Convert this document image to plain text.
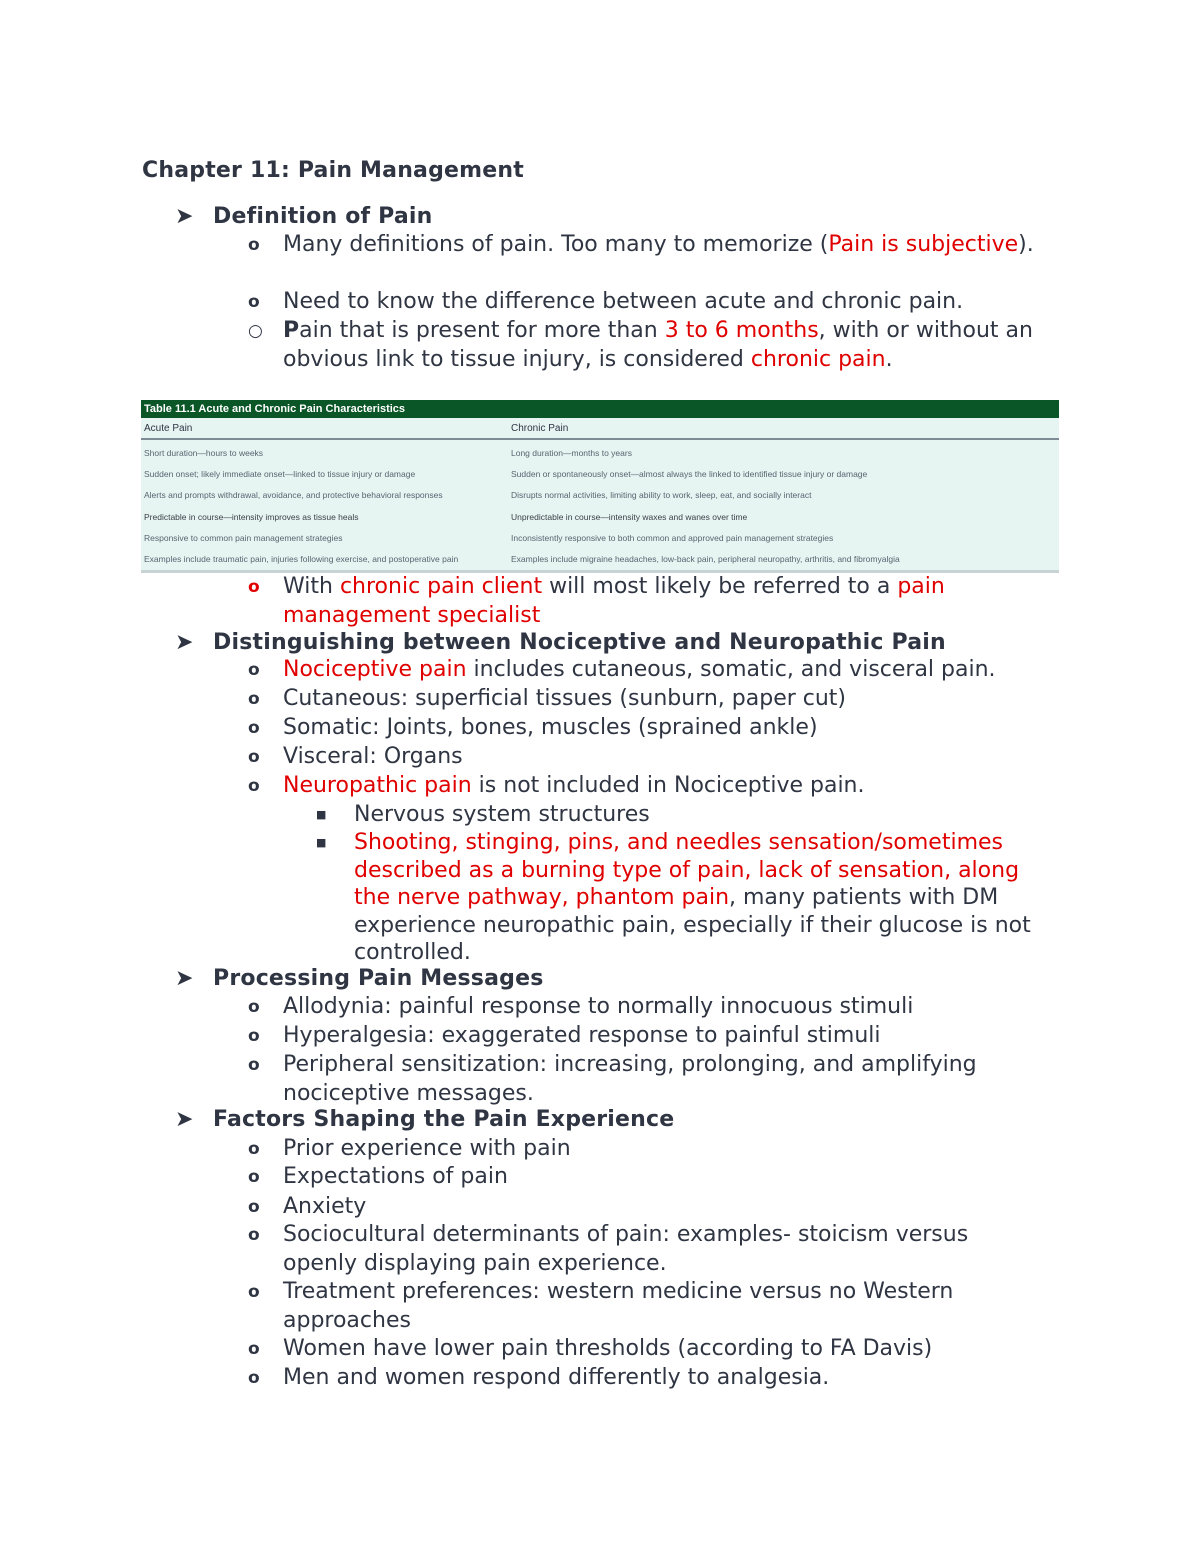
Chapter 11: Pain Management
➤ Definition of Pain
o	Many definitions of pain. Too many to memorize (Pain is subjective).
o	Need to know the difference between acute and chronic pain.
○ Pain that is present for more than 3 to 6 months, with or without an obvious link to tissue injury, is considered chronic pain.
Table 11.1 Acute and Chronic Pain Characteristics
Acute Pain	Chronic Pain
Short duration—hours to weeks	Long duration—months to years
Sudden onset; likely immediate onset—linked to tissue injury or damage	Sudden or spontaneously onset—almost always the linked to identified tissue injury or damage
Alerts and prompts withdrawal, avoidance, and protective behavioral responses	Disrupts normal activities, limiting ability to work, sleep, eat, and socially interact
Predictable in course—intensity improves as tissue heals	Unpredictable in course—intensity waxes and wanes over time
Responsive to common pain management strategies	Inconsistently responsive to both common and approved pain management strategies
Examples include traumatic pain, injuries following exercise, and postoperative pain	Examples include migraine headaches, low-back pain, peripheral neuropathy, arthritis, and fibromyalgia
o	With chronic pain client will most likely be referred to a pain management specialist
➤ Distinguishing between Nociceptive and Neuropathic Pain
o	Nociceptive pain includes cutaneous, somatic, and visceral pain.
o	Cutaneous: superficial tissues (sunburn, paper cut)
o	Somatic: Joints, bones, muscles (sprained ankle)
o	Visceral: Organs
o	Neuropathic pain is not included in Nociceptive pain.
■ Nervous system structures
■ Shooting, stinging, pins, and needles sensation/sometimes described as a burning type of pain, lack of sensation, along the nerve pathway, phantom pain, many patients with DM experience neuropathic pain, especially if their glucose is not controlled.
➤ Processing Pain Messages
o	Allodynia: painful response to normally innocuous stimuli
o	Hyperalgesia: exaggerated response to painful stimuli
o	Peripheral sensitization: increasing, prolonging, and amplifying nociceptive messages.
➤ Factors Shaping the Pain Experience
o	Prior experience with pain
o	Expectations of pain
o	Anxiety
o	Sociocultural determinants of pain: examples- stoicism versus openly displaying pain experience.
o	Treatment preferences: western medicine versus no Western approaches
o	Women have lower pain thresholds (according to FA Davis)
o	Men and women respond differently to analgesia.
